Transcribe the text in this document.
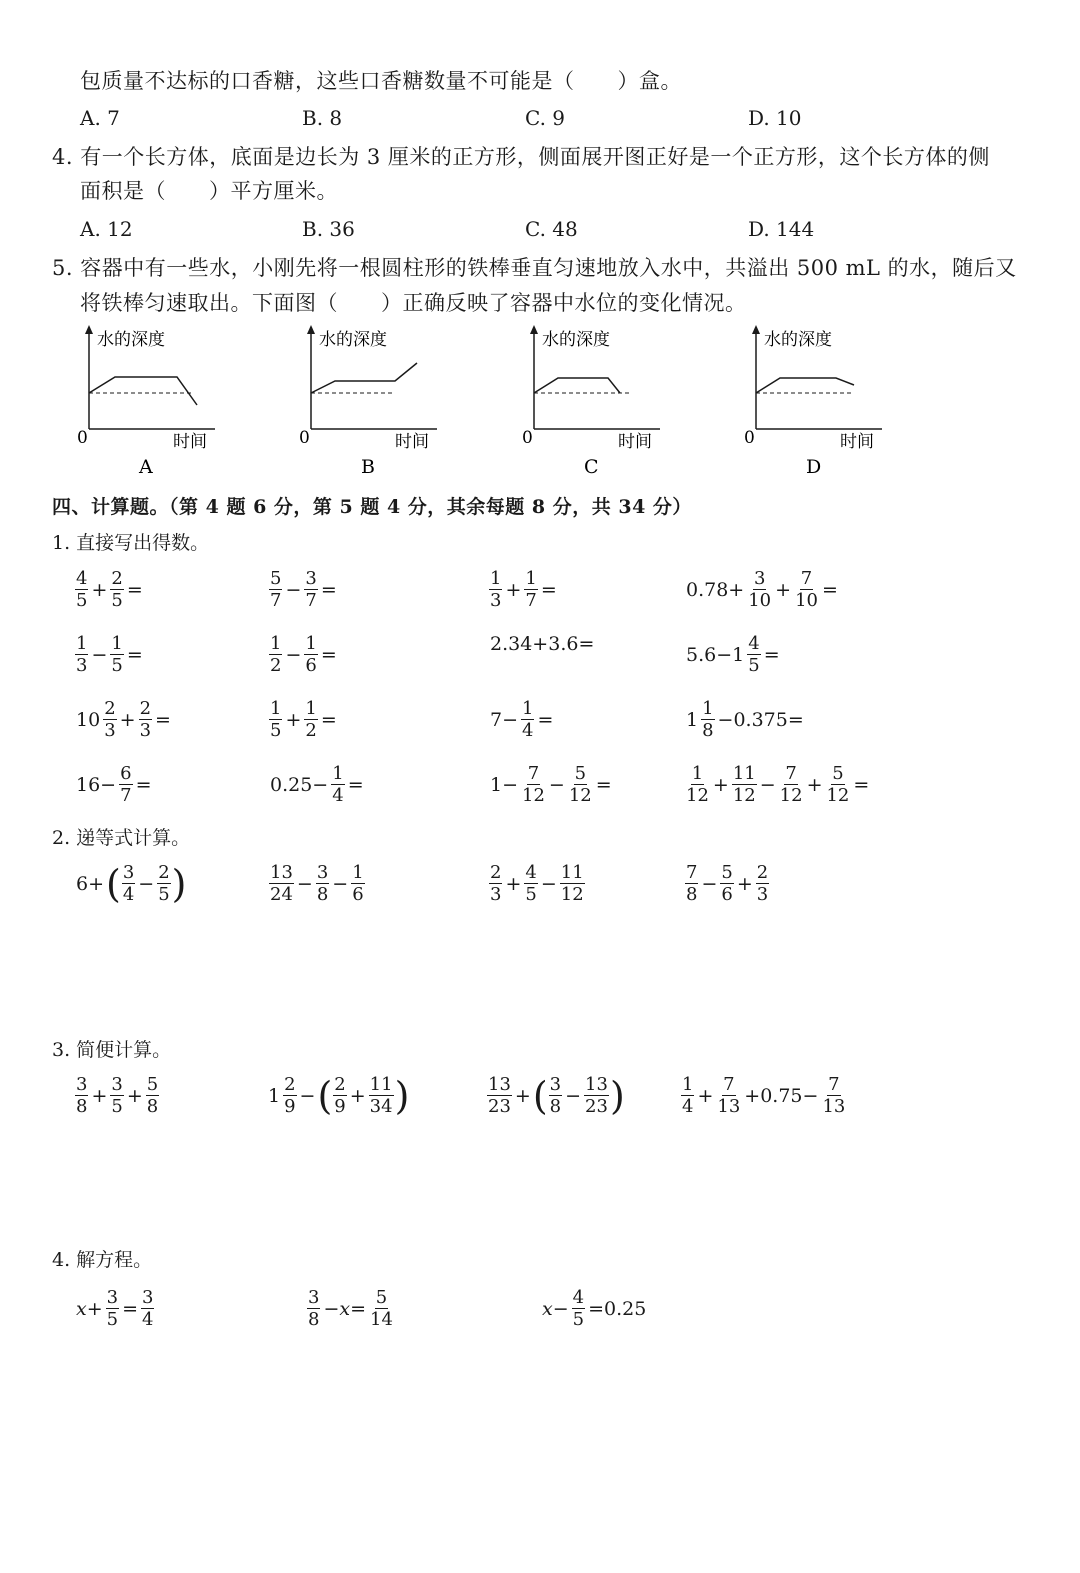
包质量不达标的口香糖，这些口香糖数量不可能是（　　）盒。
A. 7	B. 8	C. 9	D. 10
4. 有一个长方体，底面是边长为 3 厘米的正方形，侧面展开图正好是一个正方形，这个长方体的侧
面积是（　　）平方厘米。
A. 12	B. 36	C. 48	D. 144
5. 容器中有一些水，小刚先将一根圆柱形的铁棒垂直匀速地放入水中，共溢出 500 mL 的水，随后又
将铁棒匀速取出。下面图（　　）正确反映了容器中水位的变化情况。
水的深度
0	时间
A
水的深度
0	时间
B
水的深度
0	时间
C
水的深度
0	时间
D
四、计算题。（第 4 题 6 分，第 5 题 4 分，其余每题 8 分，共 34 分）
1. 直接写出得数。
$\frac{4}{5} + \frac{2}{5}$ =	$\frac{5}{7} - \frac{3}{7}$ =	$\frac{1}{3} + \frac{1}{7}$ =	$0.78+ \frac{3}{10} + \frac{7}{10}$ =
$\frac{1}{3} - \frac{1}{5}$ =	$\frac{1}{2} - \frac{1}{6}$ =	2.34+3.6=	$5.6-1 \frac{4}{5}$ =
$10 \frac{2}{3} + \frac{2}{3}$ =	$\frac{1}{5} + \frac{1}{2}$ =	$7- \frac{1}{4}$ =	$1 \frac{1}{8} -0.375=$
$16- \frac{6}{7}$ =	$0.25- \frac{1}{4}$ =	$1- \frac{7}{12} - \frac{5}{12}$ =	$\frac{1}{12} + \frac{11}{12} - \frac{7}{12} + \frac{5}{12}$ =
2. 递等式计算。
6+ ( $\frac{3}{4} - \frac{2}{5}$ )	$\frac{13}{24} - \frac{3}{8} - \frac{1}{6}$	$\frac{2}{3} + \frac{4}{5} - \frac{11}{12}$	$\frac{7}{8} - \frac{5}{6} + \frac{2}{3}$
3. 简便计算。
$\frac{3}{8} + \frac{3}{5} + \frac{5}{8}$	$1 \frac{2}{9}$ − ( $\frac{2}{9} + \frac{11}{34}$ )	$\frac{13}{23}$ + ( $\frac{3}{8} - \frac{13}{23}$ )	$\frac{1}{4} + \frac{7}{13} +0.75- \frac{7}{13}$
4. 解方程。
$x+ \frac{3}{5} = \frac{3}{4}$	$\frac{3}{8} -x= \frac{5}{14}$	$x- \frac{4}{5} =0.25$
